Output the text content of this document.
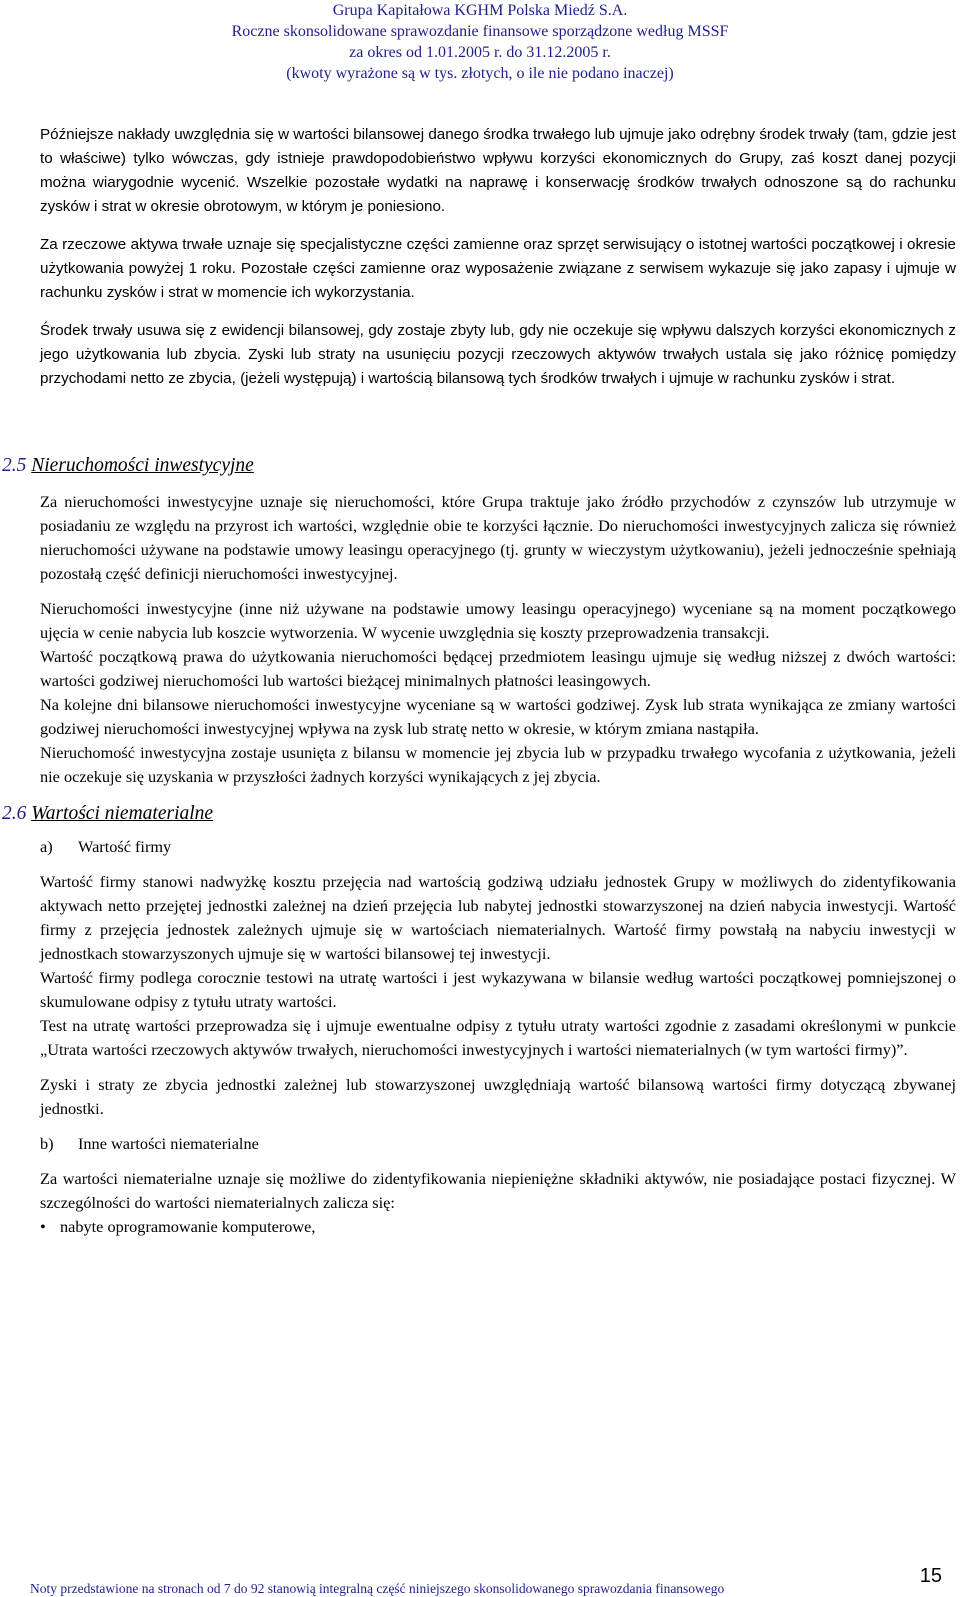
Grupa Kapitałowa KGHM Polska Miedź S.A.
Roczne skonsolidowane sprawozdanie finansowe sporządzone według MSSF
za okres od 1.01.2005 r. do 31.12.2005 r.
(kwoty wyrażone są w tys. złotych, o ile nie podano inaczej)

Późniejsze nakłady uwzględnia się w wartości bilansowej danego środka trwałego lub ujmuje jako odrębny środek trwały (tam, gdzie jest to właściwe) tylko wówczas, gdy istnieje prawdopodobieństwo wpływu korzyści ekonomicznych do Grupy, zaś koszt danej pozycji można wiarygodnie wycenić. Wszelkie pozostałe wydatki na naprawę i konserwację środków trwałych odnoszone są do rachunku zysków i strat w okresie obrotowym, w którym je poniesiono.

Za rzeczowe aktywa trwałe uznaje się specjalistyczne części zamienne oraz sprzęt serwisujący o istotnej wartości początkowej i okresie użytkowania powyżej 1 roku. Pozostałe części zamienne oraz wyposażenie związane z serwisem wykazuje się jako zapasy i ujmuje w rachunku zysków i strat w momencie ich wykorzystania.

Środek trwały usuwa się z ewidencji bilansowej, gdy zostaje zbyty lub, gdy nie oczekuje się wpływu dalszych korzyści ekonomicznych z jego użytkowania lub zbycia. Zyski lub straty na usunięciu pozycji rzeczowych aktywów trwałych ustala się jako różnicę pomiędzy przychodami netto ze zbycia, (jeżeli występują) i wartością bilansową tych środków trwałych i ujmuje w rachunku zysków i strat.

2.5 Nieruchomości inwestycyjne

Za nieruchomości inwestycyjne uznaje się nieruchomości, które Grupa traktuje jako źródło przychodów z czynszów lub utrzymuje w posiadaniu ze względu na przyrost ich wartości, względnie obie te korzyści łącznie. Do nieruchomości inwestycyjnych zalicza się również nieruchomości używane na podstawie umowy leasingu operacyjnego (tj. grunty w wieczystym użytkowaniu), jeżeli jednocześnie spełniają pozostałą część definicji nieruchomości inwestycyjnej.

Nieruchomości inwestycyjne (inne niż używane na podstawie umowy leasingu operacyjnego) wyceniane są na moment początkowego ujęcia w cenie nabycia lub koszcie wytworzenia. W wycenie uwzględnia się koszty przeprowadzenia transakcji.

Wartość początkową prawa do użytkowania nieruchomości będącej przedmiotem leasingu ujmuje się według niższej z dwóch wartości: wartości godziwej nieruchomości lub wartości bieżącej minimalnych płatności leasingowych.

Na kolejne dni bilansowe nieruchomości inwestycyjne wyceniane są w wartości godziwej. Zysk lub strata wynikająca ze zmiany wartości godziwej nieruchomości inwestycyjnej wpływa na zysk lub stratę netto w okresie, w którym zmiana nastąpiła.

Nieruchomość inwestycyjna zostaje usunięta z bilansu w momencie jej zbycia lub w przypadku trwałego wycofania z użytkowania, jeżeli nie oczekuje się uzyskania w przyszłości żadnych korzyści wynikających z jej zbycia.

2.6 Wartości niematerialne

a) Wartość firmy

Wartość firmy stanowi nadwyżkę kosztu przejęcia nad wartością godziwą udziału jednostek Grupy w możliwych do zidentyfikowania aktywach netto przejętej jednostki zależnej na dzień przejęcia lub nabytej jednostki stowarzyszonej na dzień nabycia inwestycji. Wartość firmy z przejęcia jednostek zależnych ujmuje się w wartościach niematerialnych. Wartość firmy powstałą na nabyciu inwestycji w jednostkach stowarzyszonych ujmuje się w wartości bilansowej tej inwestycji.

Wartość firmy podlega corocznie testowi na utratę wartości i jest wykazywana w bilansie według wartości początkowej pomniejszonej o skumulowane odpisy z tytułu utraty wartości.

Test na utratę wartości przeprowadza się i ujmuje ewentualne odpisy z tytułu utraty wartości zgodnie z zasadami określonymi w punkcie „Utrata wartości rzeczowych aktywów trwałych, nieruchomości inwestycyjnych i wartości niematerialnych (w tym wartości firmy)”.

Zyski i straty ze zbycia jednostki zależnej lub stowarzyszonej uwzględniają wartość bilansową wartości firmy dotyczącą zbywanej jednostki.

b) Inne wartości niematerialne

Za wartości niematerialne uznaje się możliwe do zidentyfikowania niepieniężne składniki aktywów, nie posiadające postaci fizycznej. W szczególności do wartości niematerialnych zalicza się:

• nabyte oprogramowanie komputerowe,
Noty przedstawione na stronach od 7 do 92 stanowią integralną część niniejszego skonsolidowanego sprawozdania finansowego
15
